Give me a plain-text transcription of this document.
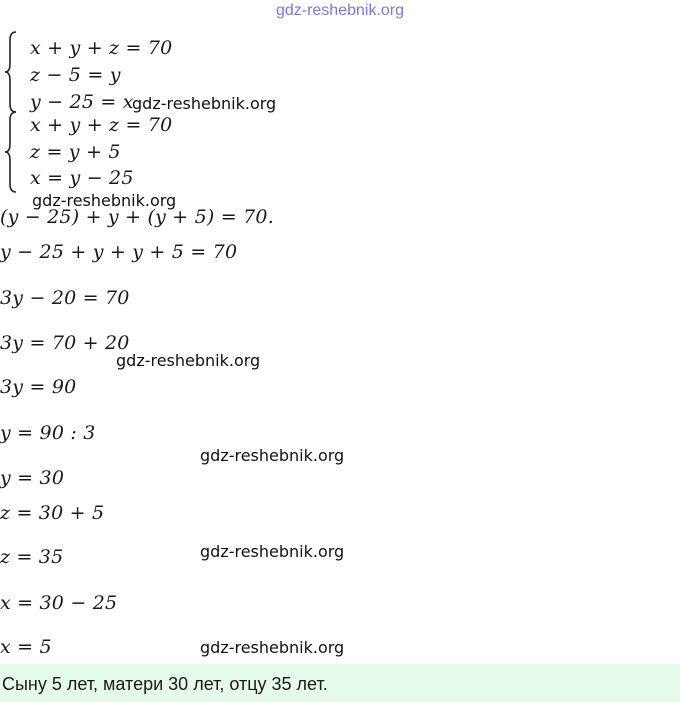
gdz-reshebnik.org
x + y + z = 70
z − 5 = y
y − 25 = x
gdz-reshebnik.org
x + y + z = 70
z = y + 5
x = y − 25
gdz-reshebnik.org
(y − 25) + y + (y + 5) = 70.
y − 25 + y + y + 5 = 70
3y − 20 = 70
3y = 70 + 20
gdz-reshebnik.org
3y = 90
y = 90 : 3
gdz-reshebnik.org
y = 30
z = 30 + 5
gdz-reshebnik.org
z = 35
x = 30 − 25
gdz-reshebnik.org
x = 5
Сыну 5 лет, матери 30 лет, отцу 35 лет.
